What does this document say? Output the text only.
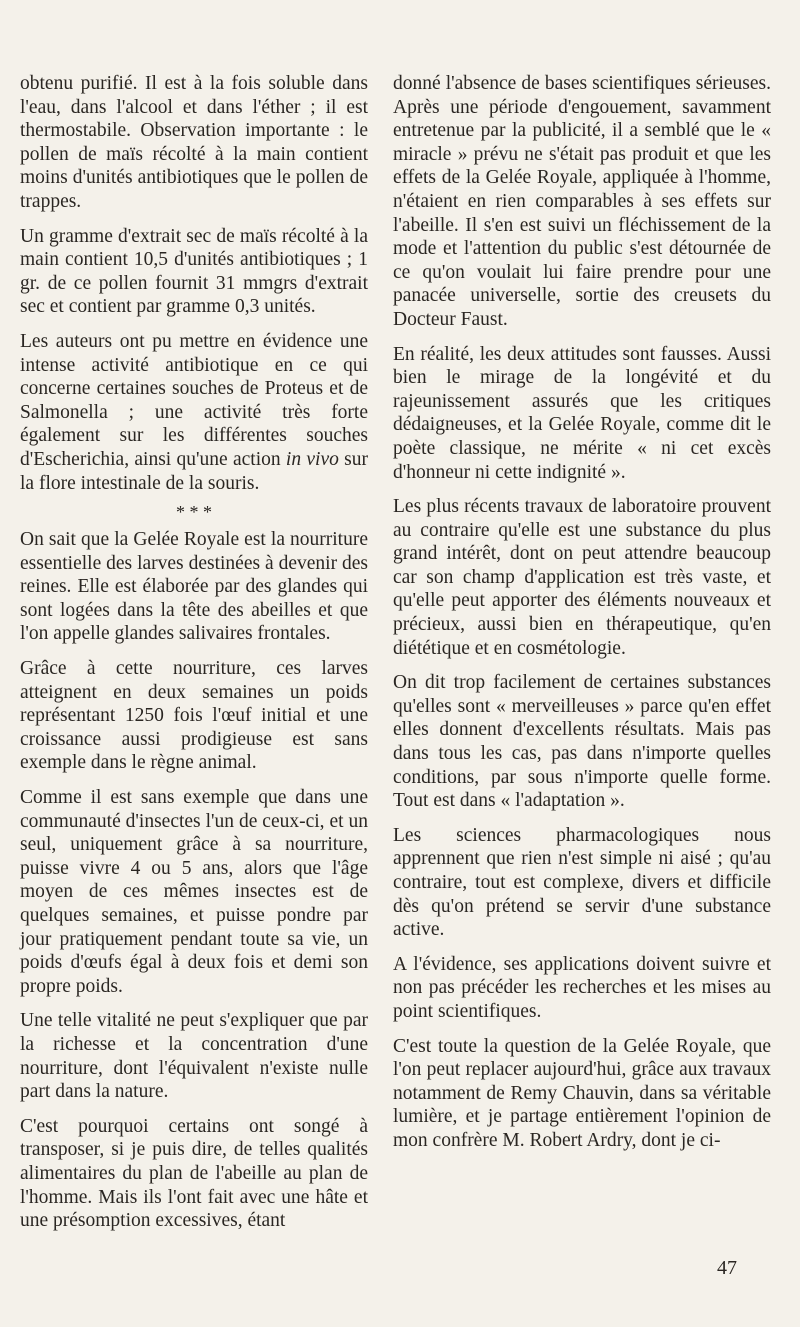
obtenu purifié. Il est à la fois soluble dans l'eau, dans l'alcool et dans l'éther ; il est thermostabile. Observation importante : le pollen de maïs récolté à la main contient moins d'unités antibiotiques que le pollen de trappes.

Un gramme d'extrait sec de maïs récolté à la main contient 10,5 d'unités antibiotiques ; 1 gr. de ce pollen fournit 31 mmgrs d'extrait sec et contient par gramme 0,3 unités.

Les auteurs ont pu mettre en évidence une intense activité antibiotique en ce qui concerne certaines souches de Proteus et de Salmonella ; une activité très forte également sur les différentes souches d'Escherichia, ainsi qu'une action in vivo sur la flore intestinale de la souris.

* * *

On sait que la Gelée Royale est la nourriture essentielle des larves destinées à devenir des reines. Elle est élaborée par des glandes qui sont logées dans la tête des abeilles et que l'on appelle glandes salivaires frontales.

Grâce à cette nourriture, ces larves atteignent en deux semaines un poids représentant 1250 fois l'œuf initial et une croissance aussi prodigieuse est sans exemple dans le règne animal.

Comme il est sans exemple que dans une communauté d'insectes l'un de ceux-ci, et un seul, uniquement grâce à sa nourriture, puisse vivre 4 ou 5 ans, alors que l'âge moyen de ces mêmes insectes est de quelques semaines, et puisse pondre par jour pratiquement pendant toute sa vie, un poids d'œufs égal à deux fois et demi son propre poids.

Une telle vitalité ne peut s'expliquer que par la richesse et la concentration d'une nourriture, dont l'équivalent n'existe nulle part dans la nature.

C'est pourquoi certains ont songé à transposer, si je puis dire, de telles qualités alimentaires du plan de l'abeille au plan de l'homme. Mais ils l'ont fait avec une hâte et une présomption excessives, étant

donné l'absence de bases scientifiques sérieuses. Après une période d'engouement, savamment entretenue par la publicité, il a semblé que le « miracle » prévu ne s'était pas produit et que les effets de la Gelée Royale, appliquée à l'homme, n'étaient en rien comparables à ses effets sur l'abeille. Il s'en est suivi un fléchissement de la mode et l'attention du public s'est détournée de ce qu'on voulait lui faire prendre pour une panacée universelle, sortie des creusets du Docteur Faust.

En réalité, les deux attitudes sont fausses. Aussi bien le mirage de la longévité et du rajeunissement assurés que les critiques dédaigneuses, et la Gelée Royale, comme dit le poète classique, ne mérite « ni cet excès d'honneur ni cette indignité ».

Les plus récents travaux de laboratoire prouvent au contraire qu'elle est une substance du plus grand intérêt, dont on peut attendre beaucoup car son champ d'application est très vaste, et qu'elle peut apporter des éléments nouveaux et précieux, aussi bien en thérapeutique, qu'en diététique et en cosmétologie.

On dit trop facilement de certaines substances qu'elles sont « merveilleuses » parce qu'en effet elles donnent d'excellents résultats. Mais pas dans tous les cas, pas dans n'importe quelles conditions, par sous n'importe quelle forme. Tout est dans « l'adaptation ».

Les sciences pharmacologiques nous apprennent que rien n'est simple ni aisé ; qu'au contraire, tout est complexe, divers et difficile dès qu'on prétend se servir d'une substance active.

A l'évidence, ses applications doivent suivre et non pas précéder les recherches et les mises au point scientifiques.

C'est toute la question de la Gelée Royale, que l'on peut replacer aujourd'hui, grâce aux travaux notamment de Remy Chauvin, dans sa véritable lumière, et je partage entièrement l'opinion de mon confrère M. Robert Ardry, dont je ci-

47
